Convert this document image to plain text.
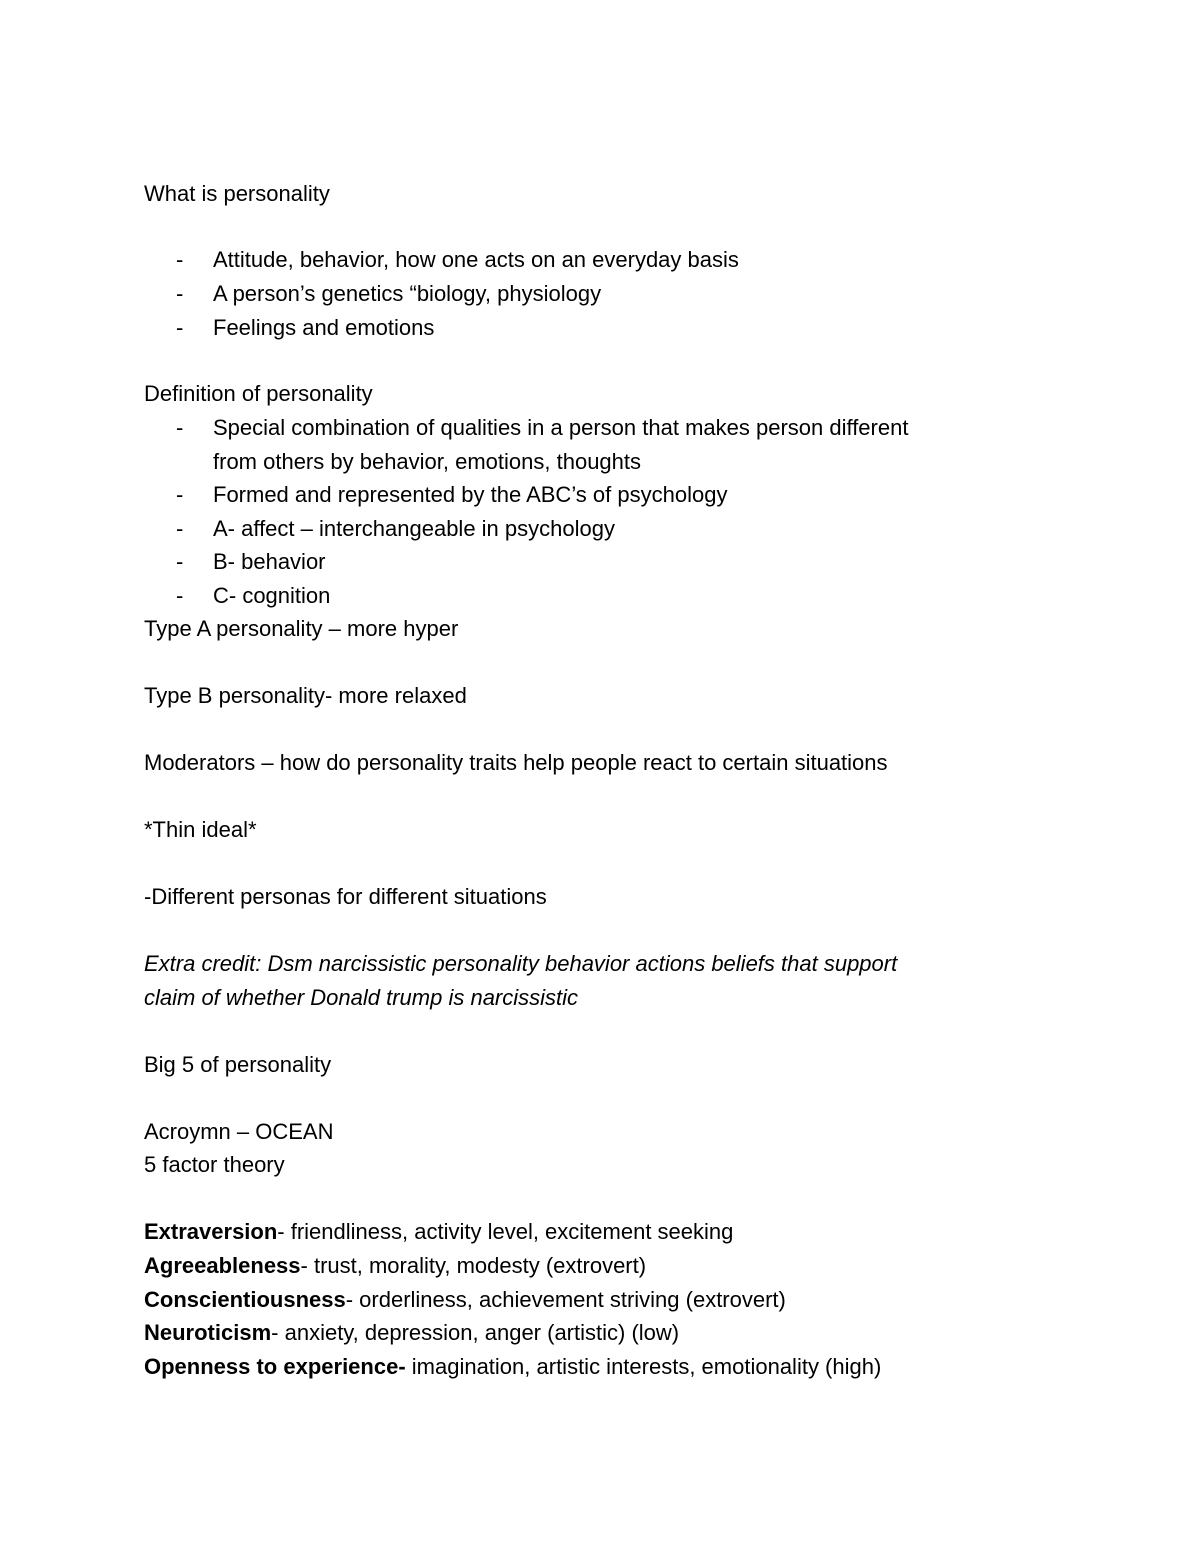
What is personality
- Attitude, behavior, how one acts on an everyday basis
- A person’s genetics “biology, physiology
- Feelings and emotions
Definition of personality
- Special combination of qualities in a person that makes person different
from others by behavior, emotions, thoughts
- Formed and represented by the ABC’s of psychology
- A- affect – interchangeable in psychology
- B- behavior
- C- cognition
Type A personality – more hyper
Type B personality- more relaxed
Moderators – how do personality traits help people react to certain situations
*Thin ideal*
-Different personas for different situations
Extra credit: Dsm narcissistic personality behavior actions beliefs that support
claim of whether Donald trump is narcissistic
Big 5 of personality
Acroymn – OCEAN
5 factor theory
Extraversion- friendliness, activity level, excitement seeking
Agreeableness- trust, morality, modesty (extrovert)
Conscientiousness- orderliness, achievement striving (extrovert)
Neuroticism- anxiety, depression, anger (artistic) (low)
Openness to experience- imagination, artistic interests, emotionality (high)
